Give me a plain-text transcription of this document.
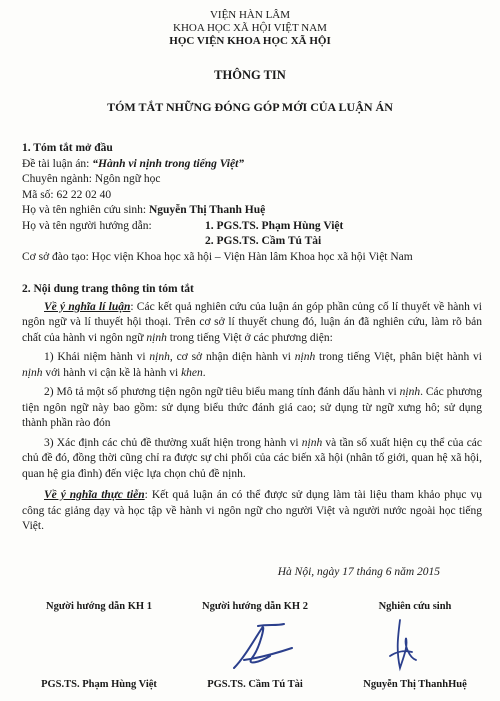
VIỆN HÀN LÂM
KHOA HỌC XÃ HỘI VIỆT NAM
HỌC VIỆN KHOA HỌC XÃ HỘI
THÔNG TIN
TÓM TẮT NHỮNG ĐÓNG GÓP MỚI CỦA LUẬN ÁN
1. Tóm tắt mở đầu
Đề tài luận án: “Hành vi nịnh trong tiếng Việt”
Chuyên ngành: Ngôn ngữ học
Mã số: 62 22 02 40
Họ và tên nghiên cứu sinh: Nguyễn Thị Thanh Huệ
Họ và tên người hướng dẫn:	1. PGS.TS. Phạm Hùng Việt
2. PGS.TS. Cầm Tú Tài
Cơ sở đào tạo: Học viện Khoa học xã hội – Viện Hàn lâm Khoa học xã hội Việt Nam
2. Nội dung trang thông tin tóm tắt

Về ý nghĩa lí luận: Các kết quả nghiên cứu của luận án góp phần củng cố lí thuyết về hành vi ngôn ngữ và lí thuyết hội thoại. Trên cơ sở lí thuyết chung đó, luận án đã nghiên cứu, làm rõ bản chất của hành vi ngôn ngữ nịnh trong tiếng Việt ở các phương diện:

1) Khái niệm hành vi nịnh, cơ sở nhận diện hành vi nịnh trong tiếng Việt, phân biệt hành vi nịnh với hành vi cận kề là hành vi khen.

2) Mô tả một số phương tiện ngôn ngữ tiêu biểu mang tính đánh dấu hành vi nịnh. Các phương tiện ngôn ngữ này bao gồm: sử dụng biểu thức đánh giá cao; sử dụng từ ngữ xưng hô; sử dụng thành phần rào đón

3) Xác định các chủ đề thường xuất hiện trong hành vi nịnh và tần số xuất hiện cụ thể của các chủ đề đó, đồng thời cũng chỉ ra được sự chi phối của các biến xã hội (nhân tố giới, quan hệ xã hội, quan hệ gia đình) đến việc lựa chọn chủ đề nịnh.

Về ý nghĩa thực tiễn: Kết quả luận án có thể được sử dụng làm tài liệu tham khảo phục vụ công tác giảng dạy và học tập về hành vi ngôn ngữ cho người Việt và người nước ngoài học tiếng Việt.

Hà Nội, ngày 17 tháng 6 năm 2015
Người hướng dẫn KH 1	Người hướng dẫn KH 2	Nghiên cứu sinh
PGS.TS. Phạm Hùng Việt	PGS.TS. Cầm Tú Tài	Nguyễn Thị ThanhHuệ
